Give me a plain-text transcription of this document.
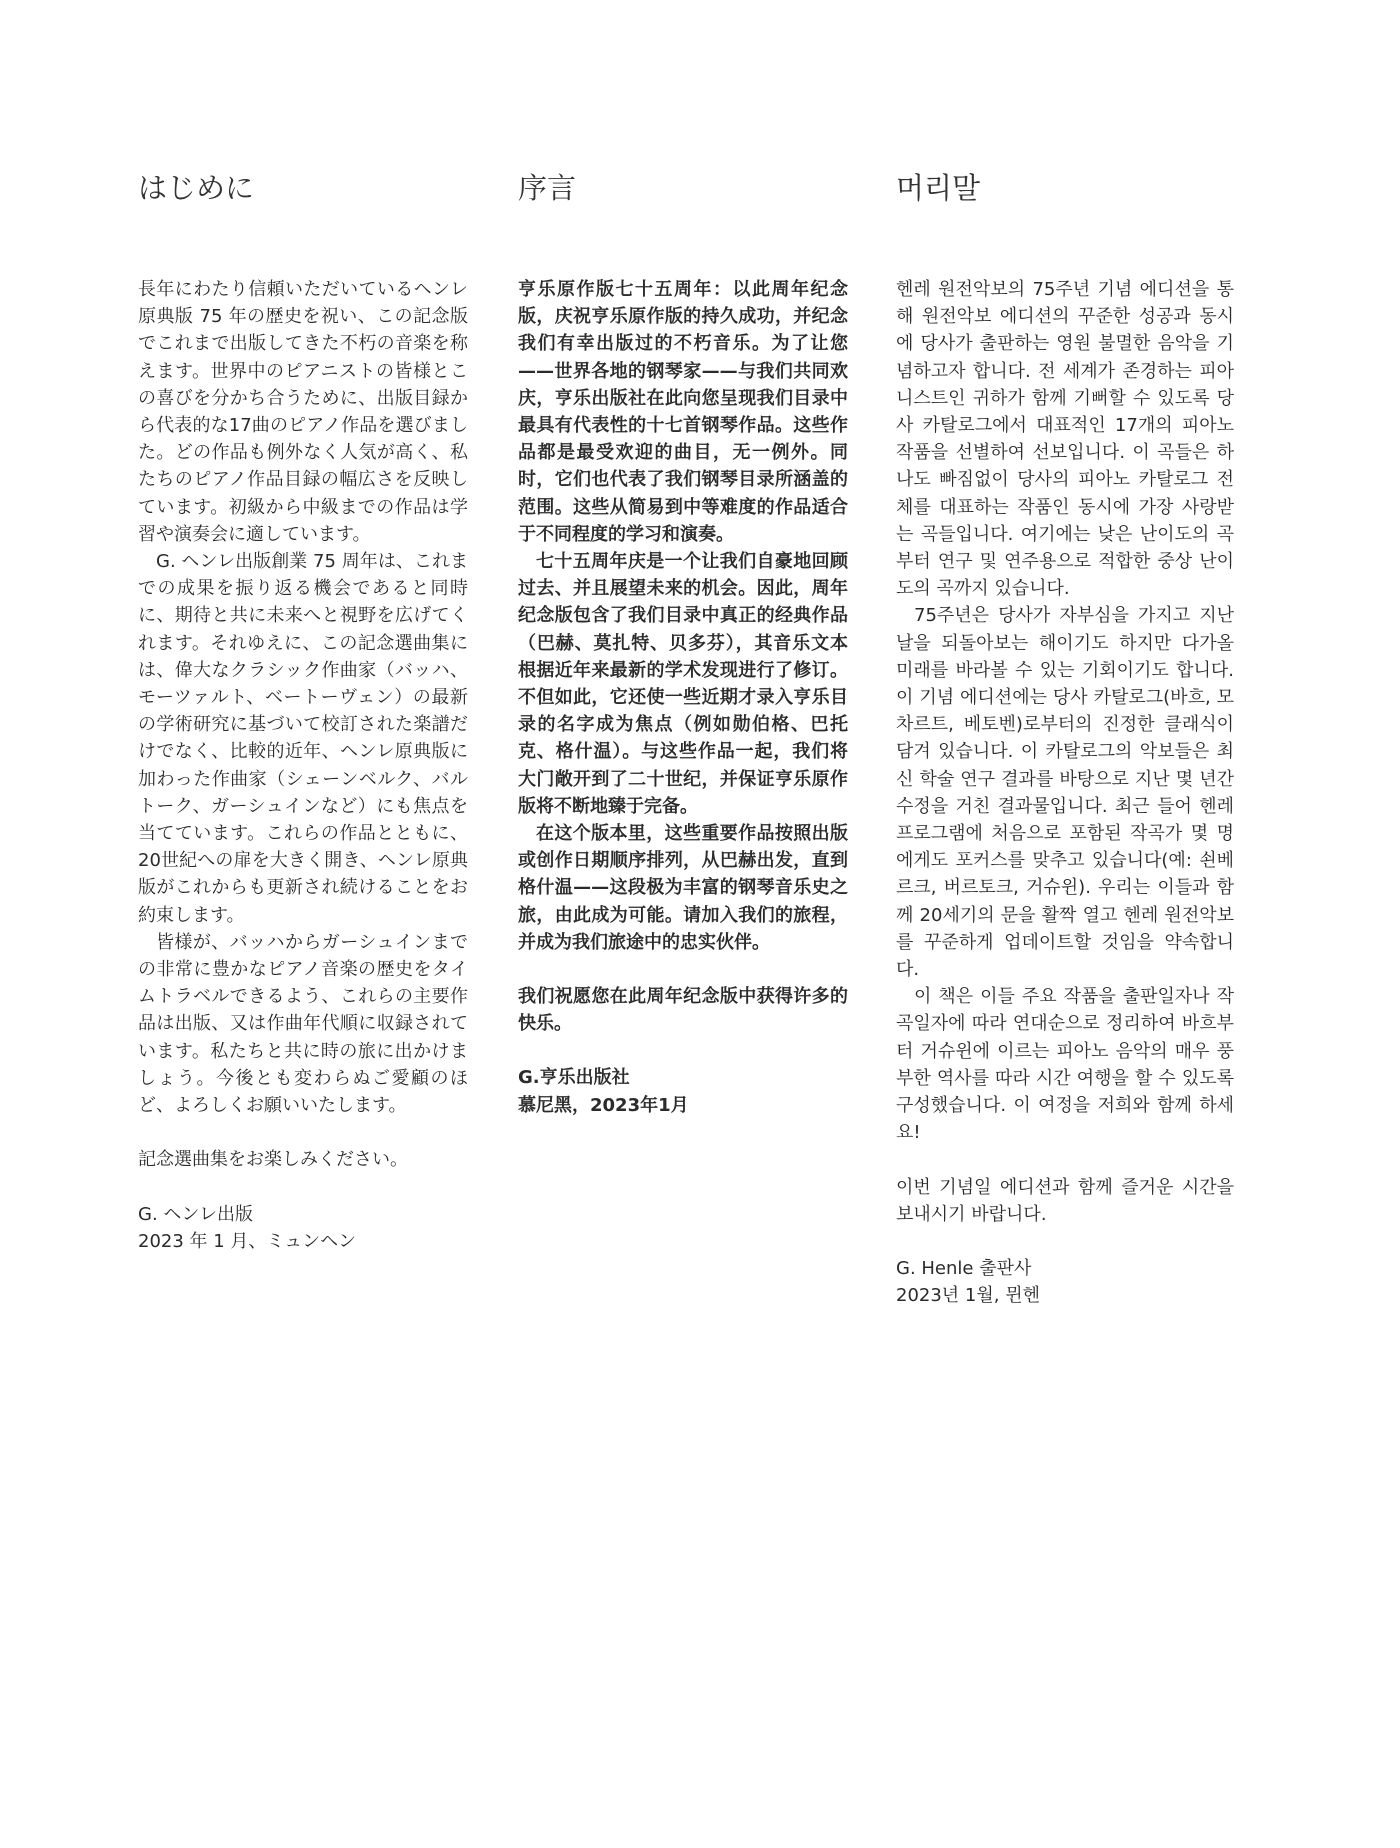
はじめに

長年にわたり信頼いただいているヘンレ原典版 75 年の歴史を祝い、この記念版でこれまで出版してきた不朽の音楽を称えます。世界中のピアニストの皆様とこの喜びを分かち合うために、出版目録から代表的な17曲のピアノ作品を選びました。どの作品も例外なく人気が高く、私たちのピアノ作品目録の幅広さを反映しています。初級から中級までの作品は学習や演奏会に適しています。

G. ヘンレ出版創業 75 周年は、これまでの成果を振り返る機会であると同時に、期待と共に未来へと視野を広げてくれます。それゆえに、この記念選曲集には、偉大なクラシック作曲家（バッハ、モーツァルト、ベートーヴェン）の最新の学術研究に基づいて校訂された楽譜だけでなく、比較的近年、ヘンレ原典版に加わった作曲家（シェーンベルク、バルトーク、ガーシュインなど）にも焦点を当てています。これらの作品とともに、20世紀への扉を大きく開き、ヘンレ原典版がこれからも更新され続けることをお約束します。

皆様が、バッハからガーシュインまでの非常に豊かなピアノ音楽の歴史をタイムトラベルできるよう、これらの主要作品は出版、又は作曲年代順に収録されています。私たちと共に時の旅に出かけましょう。今後とも変わらぬご愛顧のほど、よろしくお願いいたします。

記念選曲集をお楽しみください。

G. ヘンレ出版

2023 年 1 月、ミュンヘン

序言

亨乐原作版七十五周年：以此周年纪念版，庆祝亨乐原作版的持久成功，并纪念我们有幸出版过的不朽音乐。为了让您——世界各地的钢琴家——与我们共同欢庆，亨乐出版社在此向您呈现我们目录中最具有代表性的十七首钢琴作品。这些作品都是最受欢迎的曲目，无一例外。同时，它们也代表了我们钢琴目录所涵盖的范围。这些从简易到中等难度的作品适合于不同程度的学习和演奏。

七十五周年庆是一个让我们自豪地回顾过去、并且展望未来的机会。因此，周年纪念版包含了我们目录中真正的经典作品（巴赫、莫扎特、贝多芬），其音乐文本根据近年来最新的学术发现进行了修订。不但如此，它还使一些近期才录入亨乐目录的名字成为焦点（例如勋伯格、巴托克、格什温）。与这些作品一起，我们将大门敞开到了二十世纪，并保证亨乐原作版将不断地臻于完备。

在这个版本里，这些重要作品按照出版或创作日期顺序排列，从巴赫出发，直到格什温——这段极为丰富的钢琴音乐史之旅，由此成为可能。请加入我们的旅程，并成为我们旅途中的忠实伙伴。

我们祝愿您在此周年纪念版中获得许多的快乐。

G.亨乐出版社

慕尼黑，2023年1月

머리말

헨레 원전악보의 75주년 기념 에디션을 통해 원전악보 에디션의 꾸준한 성공과 동시에 당사가 출판하는 영원 불멸한 음악을 기념하고자 합니다. 전 세계가 존경하는 피아니스트인 귀하가 함께 기뻐할 수 있도록 당사 카탈로그에서 대표적인 17개의 피아노 작품을 선별하여 선보입니다. 이 곡들은 하나도 빠짐없이 당사의 피아노 카탈로그 전체를 대표하는 작품인 동시에 가장 사랑받는 곡들입니다. 여기에는 낮은 난이도의 곡부터 연구 및 연주용으로 적합한 중상 난이도의 곡까지 있습니다.

75주년은 당사가 자부심을 가지고 지난 날을 되돌아보는 해이기도 하지만 다가올 미래를 바라볼 수 있는 기회이기도 합니다. 이 기념 에디션에는 당사 카탈로그(바흐, 모차르트, 베토벤)로부터의 진정한 클래식이 담겨 있습니다. 이 카탈로그의 악보들은 최신 학술 연구 결과를 바탕으로 지난 몇 년간 수정을 거친 결과물입니다. 최근 들어 헨레 프로그램에 처음으로 포함된 작곡가 몇 명에게도 포커스를 맞추고 있습니다(예: 쇤베르크, 버르토크, 거슈윈). 우리는 이들과 함께 20세기의 문을 활짝 열고 헨레 원전악보를 꾸준하게 업데이트할 것임을 약속합니다.

이 책은 이들 주요 작품을 출판일자나 작곡일자에 따라 연대순으로 정리하여 바흐부터 거슈윈에 이르는 피아노 음악의 매우 풍부한 역사를 따라 시간 여행을 할 수 있도록 구성했습니다. 이 여정을 저희와 함께 하세요!

이번 기념일 에디션과 함께 즐거운 시간을 보내시기 바랍니다.

G. Henle 출판사

2023년 1월, 뮌헨
